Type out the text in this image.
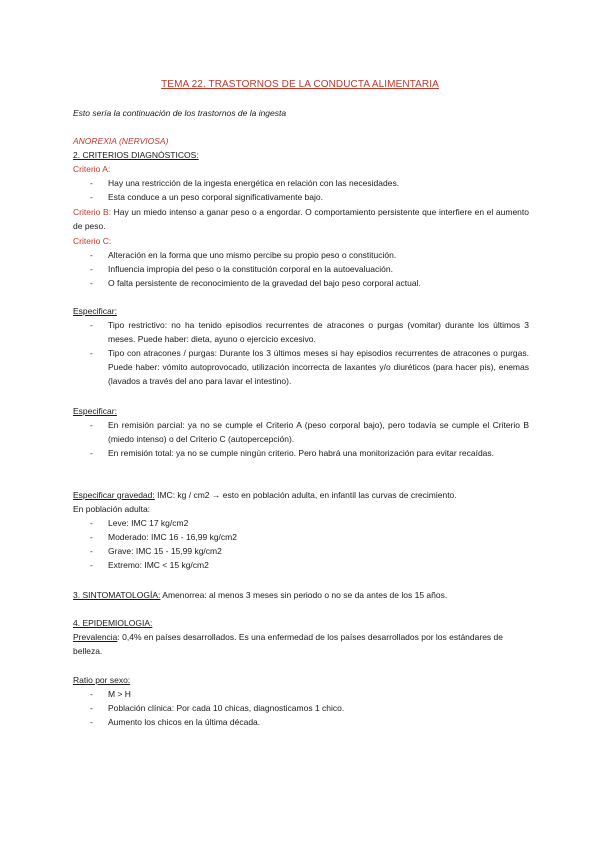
TEMA 22. TRASTORNOS DE LA CONDUCTA ALIMENTARIA
Esto sería la continuación de los trastornos de la ingesta
ANOREXIA (NERVIOSA)
2. CRITERIOS DIAGNÓSTICOS:
Criterio A:
- Hay una restricción de la ingesta energética en relación con las necesidades.
- Esta conduce a un peso corporal significativamente bajo.
Criterio B: Hay un miedo intenso a ganar peso o a engordar. O comportamiento persistente que interfiere en el aumento de peso.
Criterio C:
- Alteración en la forma que uno mismo percibe su propio peso o constitución.
- Influencia impropia del peso o la constitución corporal en la autoevaluación.
- O falta persistente de reconocimiento de la gravedad del bajo peso corporal actual.
Especificar:
- Tipo restrictivo: no ha tenido episodios recurrentes de atracones o purgas (vomitar) durante los últimos 3 meses. Puede haber: dieta, ayuno o ejercicio excesivo.
- Tipo con atracones / purgas: Durante los 3 últimos meses si hay episodios recurrentes de atracones o purgas. Puede haber: vómito autoprovocado, utilización incorrecta de laxantes y/o diuréticos (para hacer pis), enemas (lavados a través del ano para lavar el intestino).
Especificar:
- En remisión parcial: ya no se cumple el Criterio A (peso corporal bajo), pero todavía se cumple el Criterio B (miedo intenso) o del Criterio C (autopercepción).
- En remisión total: ya no se cumple ningún criterio. Pero habrá una monitorización para evitar recaídas.
Especificar gravedad: IMC: kg / cm2 → esto en población adulta, en infantil las curvas de crecimiento.
En población adulta:
- Leve: IMC 17 kg/cm2
- Moderado: IMC 16 - 16,99 kg/cm2
- Grave: IMC 15 - 15,99 kg/cm2
- Extremo: IMC < 15 kg/cm2
3. SINTOMATOLOGÍA: Amenorrea: al menos 3 meses sin periodo o no se da antes de los 15 años.
4. EPIDEMIOLOGIA:
Prevalencia: 0,4% en países desarrollados. Es una enfermedad de los países desarrollados por los estándares de belleza.
Ratio por sexo:
- M > H
- Población clínica: Por cada 10 chicas, diagnosticamos 1 chico.
- Aumento los chicos en la última década.
